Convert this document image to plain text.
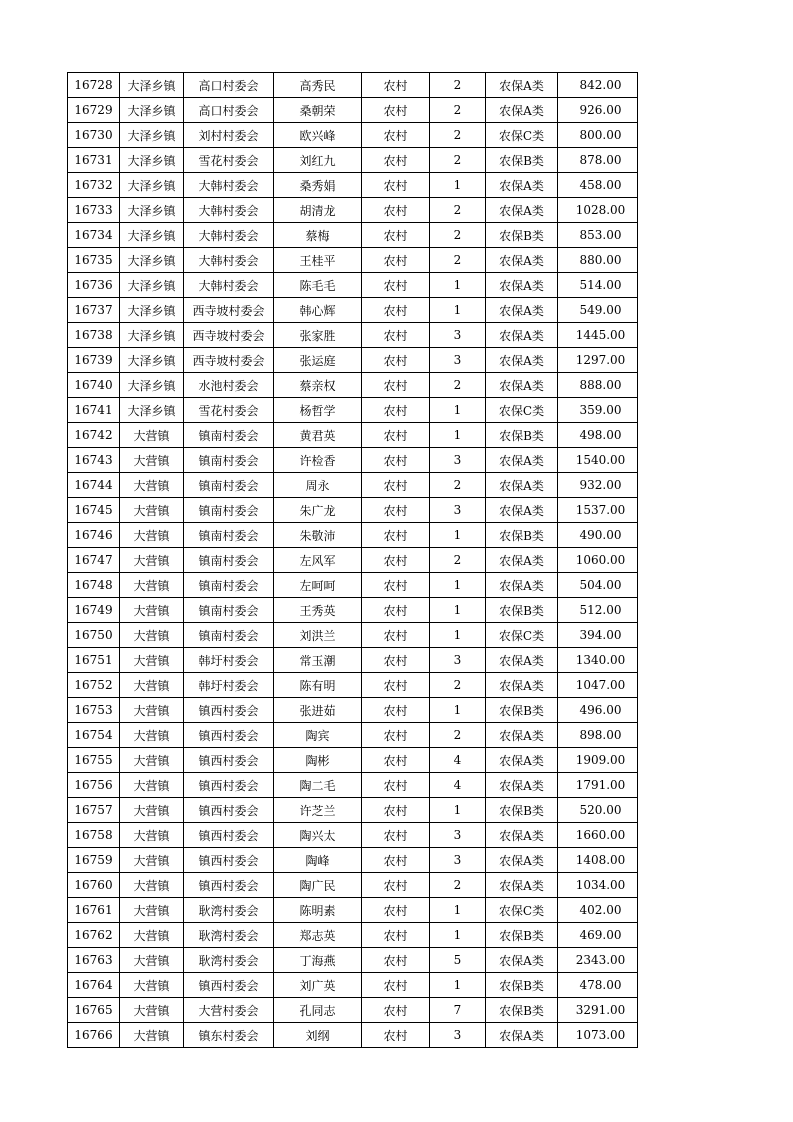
16728	大泽乡镇	高口村委会	高秀民	农村	2	农保A类	842.00
16729	大泽乡镇	高口村委会	桑朝荣	农村	2	农保A类	926.00
16730	大泽乡镇	刘村村委会	欧兴峰	农村	2	农保C类	800.00
16731	大泽乡镇	雪花村委会	刘红九	农村	2	农保B类	878.00
16732	大泽乡镇	大韩村委会	桑秀娟	农村	1	农保A类	458.00
16733	大泽乡镇	大韩村委会	胡清龙	农村	2	农保A类	1028.00
16734	大泽乡镇	大韩村委会	蔡梅	农村	2	农保B类	853.00
16735	大泽乡镇	大韩村委会	王桂平	农村	2	农保A类	880.00
16736	大泽乡镇	大韩村委会	陈毛毛	农村	1	农保A类	514.00
16737	大泽乡镇	西寺坡村委会	韩心辉	农村	1	农保A类	549.00
16738	大泽乡镇	西寺坡村委会	张家胜	农村	3	农保A类	1445.00
16739	大泽乡镇	西寺坡村委会	张运庭	农村	3	农保A类	1297.00
16740	大泽乡镇	水池村委会	蔡亲权	农村	2	农保A类	888.00
16741	大泽乡镇	雪花村委会	杨哲学	农村	1	农保C类	359.00
16742	大营镇	镇南村委会	黄君英	农村	1	农保B类	498.00
16743	大营镇	镇南村委会	许检香	农村	3	农保A类	1540.00
16744	大营镇	镇南村委会	周永	农村	2	农保A类	932.00
16745	大营镇	镇南村委会	朱广龙	农村	3	农保A类	1537.00
16746	大营镇	镇南村委会	朱敬沛	农村	1	农保B类	490.00
16747	大营镇	镇南村委会	左风军	农村	2	农保A类	1060.00
16748	大营镇	镇南村委会	左呵呵	农村	1	农保A类	504.00
16749	大营镇	镇南村委会	王秀英	农村	1	农保B类	512.00
16750	大营镇	镇南村委会	刘洪兰	农村	1	农保C类	394.00
16751	大营镇	韩圩村委会	常玉潮	农村	3	农保A类	1340.00
16752	大营镇	韩圩村委会	陈有明	农村	2	农保A类	1047.00
16753	大营镇	镇西村委会	张进茹	农村	1	农保B类	496.00
16754	大营镇	镇西村委会	陶宾	农村	2	农保A类	898.00
16755	大营镇	镇西村委会	陶彬	农村	4	农保A类	1909.00
16756	大营镇	镇西村委会	陶二毛	农村	4	农保A类	1791.00
16757	大营镇	镇西村委会	许芝兰	农村	1	农保B类	520.00
16758	大营镇	镇西村委会	陶兴太	农村	3	农保A类	1660.00
16759	大营镇	镇西村委会	陶峰	农村	3	农保A类	1408.00
16760	大营镇	镇西村委会	陶广民	农村	2	农保A类	1034.00
16761	大营镇	耿湾村委会	陈明素	农村	1	农保C类	402.00
16762	大营镇	耿湾村委会	郑志英	农村	1	农保B类	469.00
16763	大营镇	耿湾村委会	丁海燕	农村	5	农保A类	2343.00
16764	大营镇	镇西村委会	刘广英	农村	1	农保B类	478.00
16765	大营镇	大营村委会	孔同志	农村	7	农保B类	3291.00
16766	大营镇	镇东村委会	刘纲	农村	3	农保A类	1073.00
